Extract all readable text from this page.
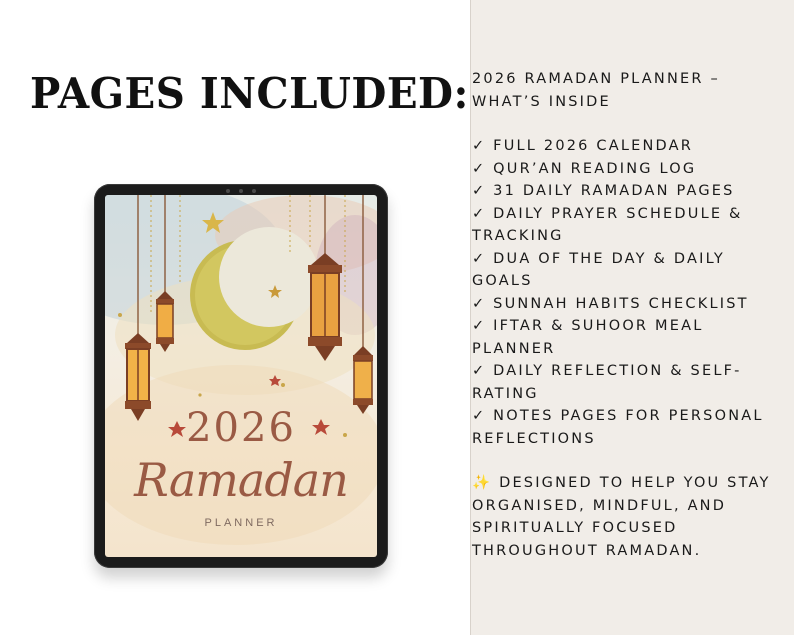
PAGES INCLUDED:
2026
Ramadan
PLANNER

2026 RAMADAN PLANNER –
WHAT’S INSIDE

✓ FULL 2026 CALENDAR
✓ QUR’AN READING LOG
✓ 31 DAILY RAMADAN PAGES
✓ DAILY PRAYER SCHEDULE & TRACKING
✓ DUA OF THE DAY & DAILY GOALS
✓ SUNNAH HABITS CHECKLIST
✓ IFTAR & SUHOOR MEAL PLANNER
✓ DAILY REFLECTION & SELF-RATING
✓ NOTES PAGES FOR PERSONAL REFLECTIONS

✨ DESIGNED TO HELP YOU STAY ORGANISED, MINDFUL, AND SPIRITUALLY FOCUSED THROUGHOUT RAMADAN.
